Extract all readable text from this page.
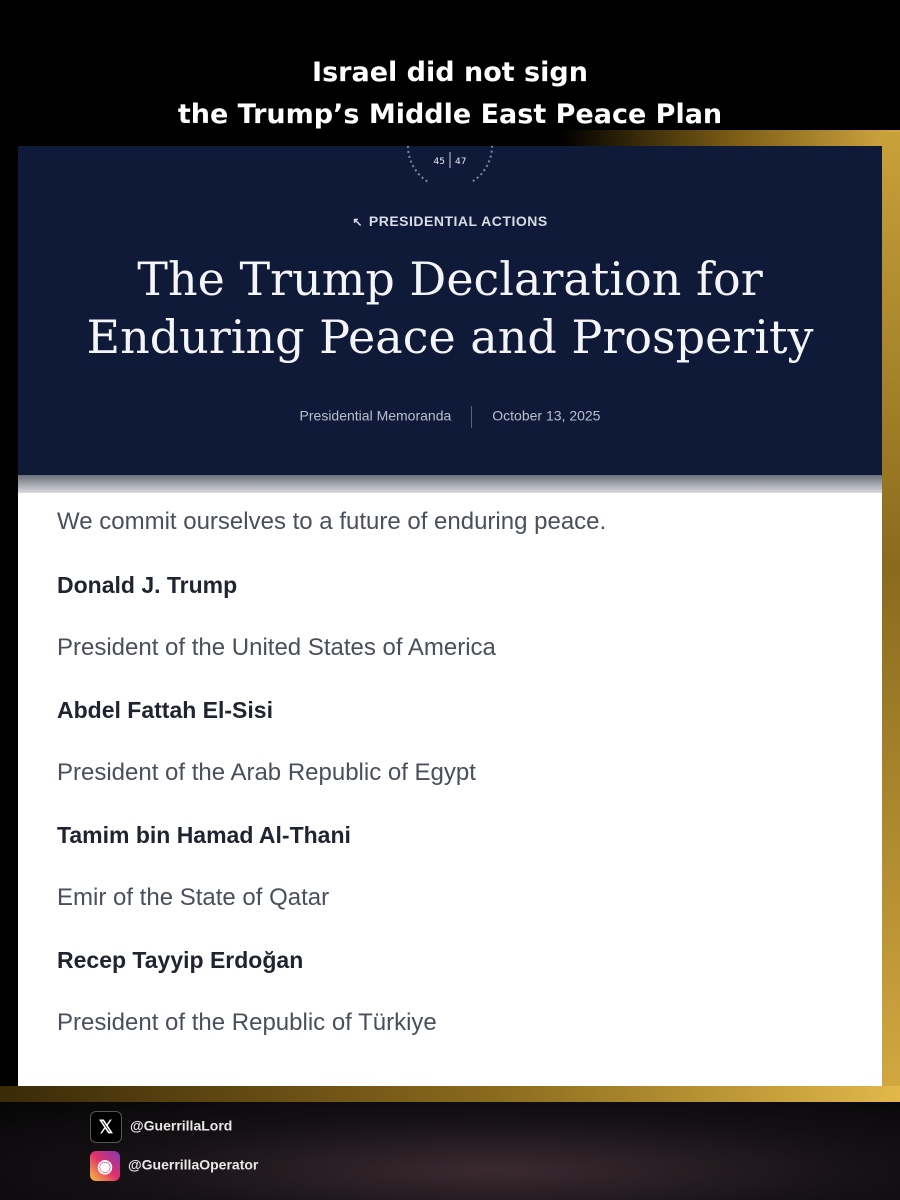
Israel did not sign
the Trump’s Middle East Peace Plan
45 47
↖ PRESIDENTIAL ACTIONS
The Trump Declaration for
Enduring Peace and Prosperity
Presidential Memoranda	October 13, 2025
We commit ourselves to a future of enduring peace.
Donald J. Trump
President of the United States of America
Abdel Fattah El-Sisi
President of the Arab Republic of Egypt
Tamim bin Hamad Al-Thani
Emir of the State of Qatar
Recep Tayyip Erdoğan
President of the Republic of Türkiye
𝕏 @GuerrillaLord
◉ @GuerrillaOperator
